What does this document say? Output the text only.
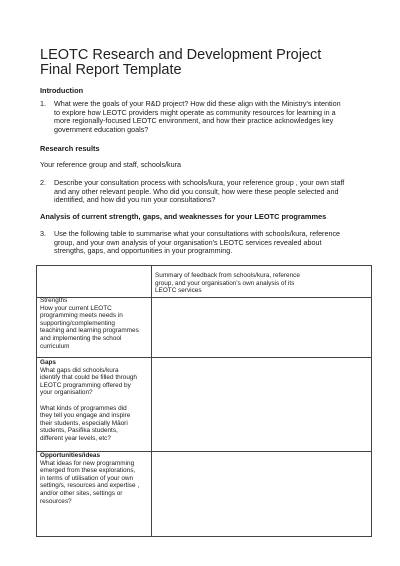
LEOTC Research and Development Project
Final Report Template
Introduction
1. What were the goals of your R&D project? How did these align with the Ministry's intention
to explore how LEOTC providers might operate as community resources for learning in a
more regionally-focused LEOTC environment, and how their practice acknowledges key
government education goals?
Research results
Your reference group and staff, schools/kura
2. Describe your consultation process with schools/kura, your reference group , your own staff
and any other relevant people. Who did you consult, how were these people selected and
identified, and how did you run your consultations?
Analysis of current strength, gaps, and weaknesses for your LEOTC programmes
3. Use the following table to summarise what your consultations with schools/kura, reference
group, and your own analysis of your organisation's LEOTC services revealed about
strengths, gaps, and opportunities in your programming.
Summary of feedback from schools/kura, reference
group, and your organisation's own analysis of its
LEOTC services
Strengths
How your current LEOTC
programming meets needs in
supporting/complementing
teaching and learning programmes
and implementing the school
curriculum
Gaps
What gaps did schools/kura
identify that could be filled through
LEOTC programming offered by
your organisation?
What kinds of programmes did
they tell you engage and inspire
their students, especially Māori
students, Pasifika students,
different year levels, etc?
Opportunities/ideas
What ideas for new programming
emerged from these explorations,
in terms of utilisation of your own
setting/s, resources and expertise ,
and/or other sites, settings or
resources?
